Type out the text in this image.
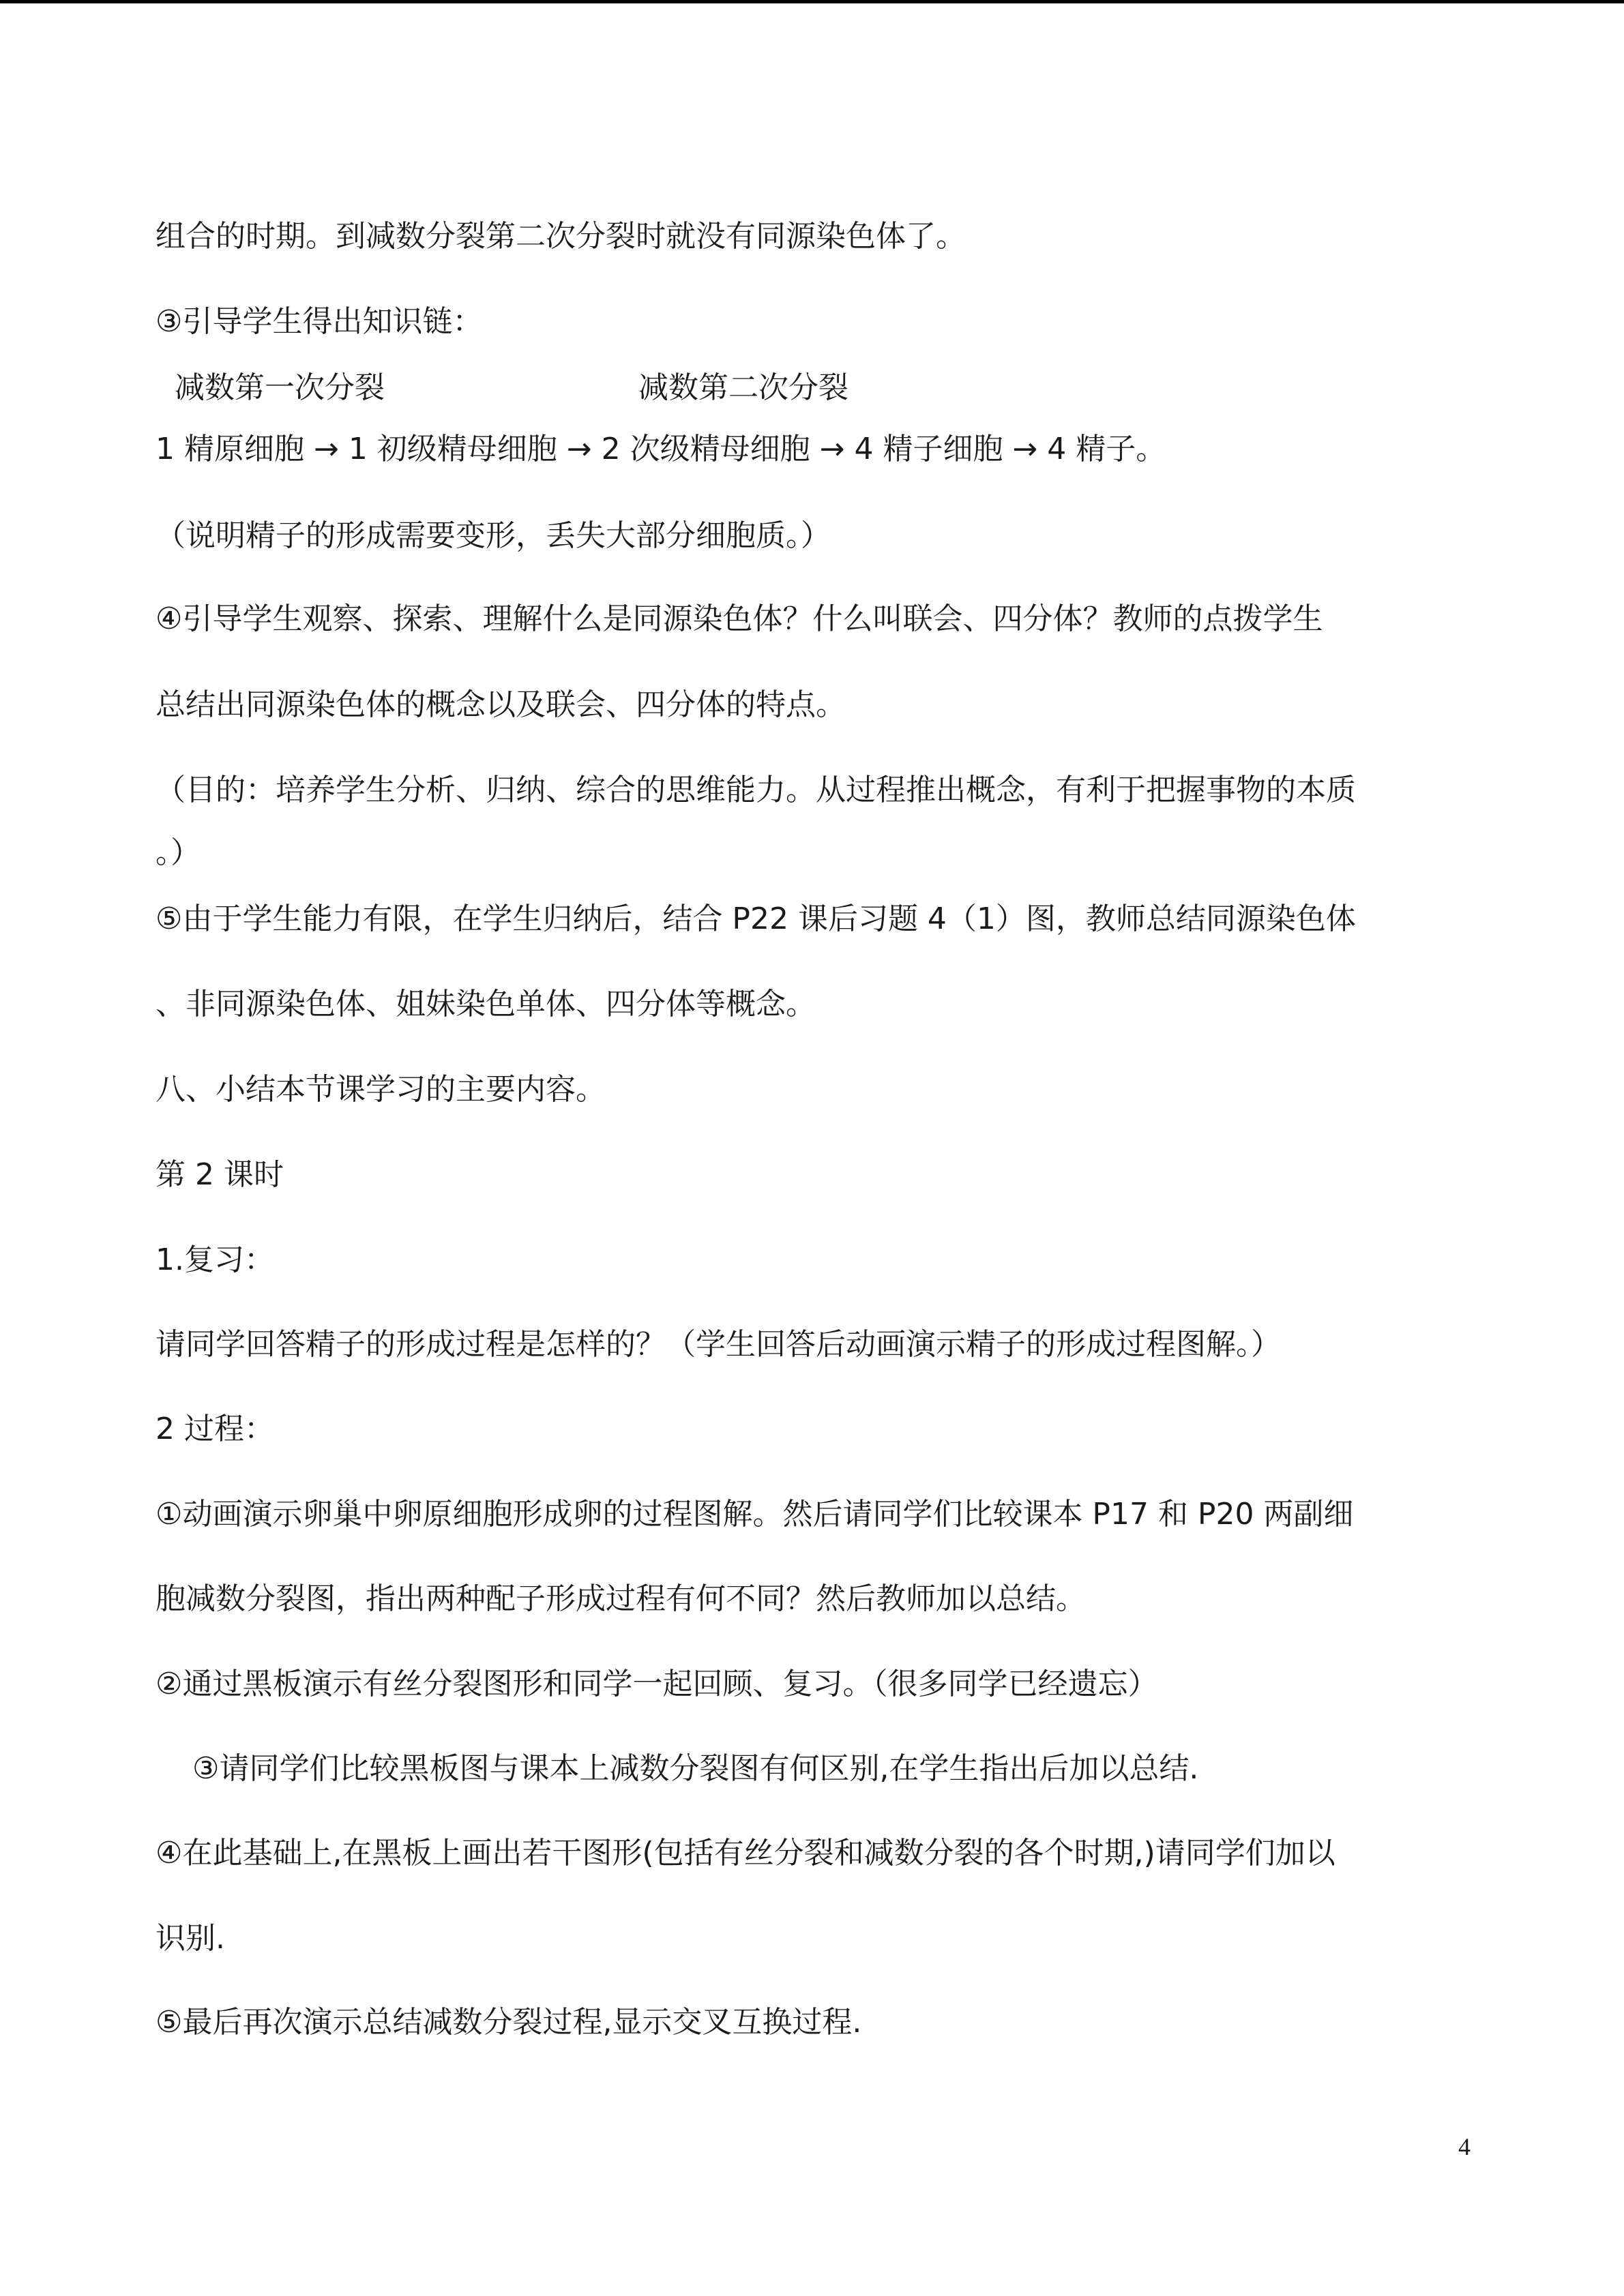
组合的时期。到减数分裂第二次分裂时就没有同源染色体了。
③引导学生得出知识链：
减数第一次分裂	减数第二次分裂
1 精原细胞 → 1 初级精母细胞 → 2 次级精母细胞 → 4 精子细胞 → 4 精子。
（说明精子的形成需要变形，丢失大部分细胞质。）
④引导学生观察、探索、理解什么是同源染色体？什么叫联会、四分体？教师的点拨学生
总结出同源染色体的概念以及联会、四分体的特点。
（目的：培养学生分析、归纳、综合的思维能力。从过程推出概念，有利于把握事物的本质
。）
⑤由于学生能力有限，在学生归纳后，结合 P22 课后习题 4（1）图，教师总结同源染色体
、非同源染色体、姐妹染色单体、四分体等概念。
八、小结本节课学习的主要内容。
第 2 课时
1.复习：
请同学回答精子的形成过程是怎样的？（学生回答后动画演示精子的形成过程图解。）
2 过程：
①动画演示卵巢中卵原细胞形成卵的过程图解。然后请同学们比较课本 P17 和 P20 两副细
胞减数分裂图，指出两种配子形成过程有何不同？然后教师加以总结。
②通过黑板演示有丝分裂图形和同学一起回顾、复习。（很多同学已经遗忘）
③请同学们比较黑板图与课本上减数分裂图有何区别,在学生指出后加以总结.
④在此基础上,在黑板上画出若干图形(包括有丝分裂和减数分裂的各个时期,)请同学们加以
识别.
⑤最后再次演示总结减数分裂过程,显示交叉互换过程.
4
